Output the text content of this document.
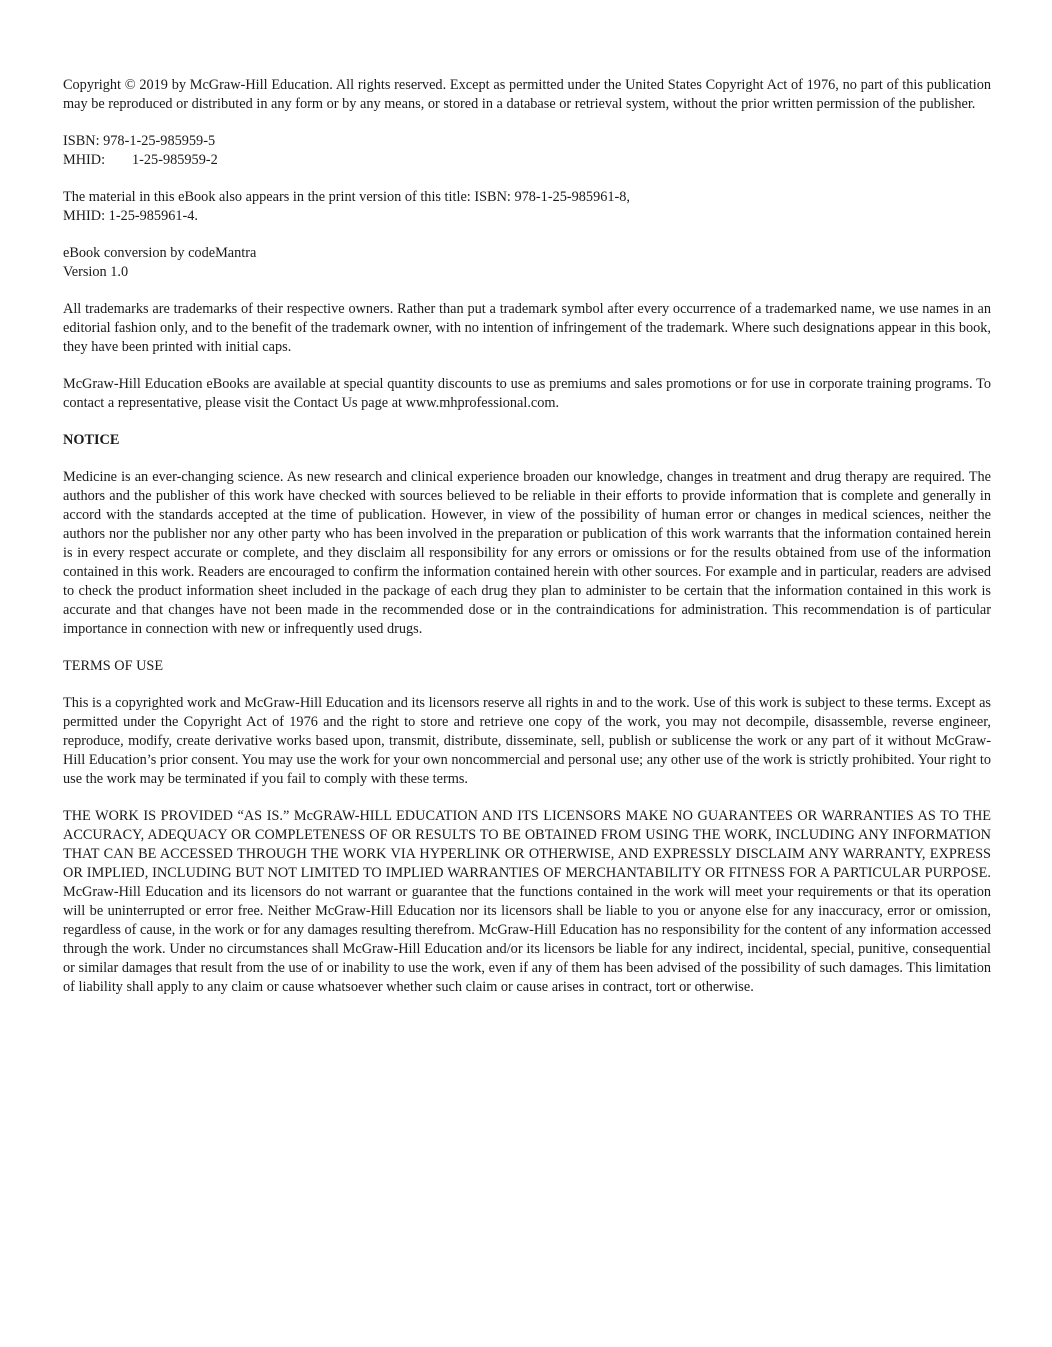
Copyright © 2019 by McGraw-Hill Education. All rights reserved. Except as permitted under the United States Copyright Act of 1976, no part of this publication may be reproduced or distributed in any form or by any means, or stored in a database or retrieval system, without the prior written permission of the publisher.

ISBN: 978-1-25-985959-5
MHID: 1-25-985959-2
The material in this eBook also appears in the print version of this title: ISBN: 978-1-25-985961-8,
MHID: 1-25-985961-4.
eBook conversion by codeMantra
Version 1.0

All trademarks are trademarks of their respective owners. Rather than put a trademark symbol after every occurrence of a trademarked name, we use names in an editorial fashion only, and to the benefit of the trademark owner, with no intention of infringement of the trademark. Where such designations appear in this book, they have been printed with initial caps.

McGraw-Hill Education eBooks are available at special quantity discounts to use as premiums and sales promotions or for use in corporate training programs. To contact a representative, please visit the Contact Us page at www.mhprofessional.com.

NOTICE

Medicine is an ever-changing science. As new research and clinical experience broaden our knowledge, changes in treatment and drug therapy are required. The authors and the publisher of this work have checked with sources believed to be reliable in their efforts to provide information that is complete and generally in accord with the standards accepted at the time of publication. However, in view of the possibility of human error or changes in medical sciences, neither the authors nor the publisher nor any other party who has been involved in the preparation or publication of this work warrants that the information contained herein is in every respect accurate or complete, and they disclaim all responsibility for any errors or omissions or for the results obtained from use of the information contained in this work. Readers are encouraged to confirm the information contained herein with other sources. For example and in particular, readers are advised to check the product information sheet included in the package of each drug they plan to administer to be certain that the information contained in this work is accurate and that changes have not been made in the recommended dose or in the contraindications for administration. This recommendation is of particular importance in connection with new or infrequently used drugs.

TERMS OF USE

This is a copyrighted work and McGraw-Hill Education and its licensors reserve all rights in and to the work. Use of this work is subject to these terms. Except as permitted under the Copyright Act of 1976 and the right to store and retrieve one copy of the work, you may not decompile, disassemble, reverse engineer, reproduce, modify, create derivative works based upon, transmit, distribute, disseminate, sell, publish or sublicense the work or any part of it without McGraw-Hill Education’s prior consent. You may use the work for your own noncommercial and personal use; any other use of the work is strictly prohibited. Your right to use the work may be terminated if you fail to comply with these terms.

THE WORK IS PROVIDED “AS IS.” McGRAW-HILL EDUCATION AND ITS LICENSORS MAKE NO GUARANTEES OR WARRANTIES AS TO THE ACCURACY, ADEQUACY OR COMPLETENESS OF OR RESULTS TO BE OBTAINED FROM USING THE WORK, INCLUDING ANY INFORMATION THAT CAN BE ACCESSED THROUGH THE WORK VIA HYPERLINK OR OTHERWISE, AND EXPRESSLY DISCLAIM ANY WARRANTY, EXPRESS OR IMPLIED, INCLUDING BUT NOT LIMITED TO IMPLIED WARRANTIES OF MERCHANTABILITY OR FITNESS FOR A PARTICULAR PURPOSE. McGraw-Hill Education and its licensors do not warrant or guarantee that the functions contained in the work will meet your requirements or that its operation will be uninterrupted or error free. Neither McGraw-Hill Education nor its licensors shall be liable to you or anyone else for any inaccuracy, error or omission, regardless of cause, in the work or for any damages resulting therefrom. McGraw-Hill Education has no responsibility for the content of any information accessed through the work. Under no circumstances shall McGraw-Hill Education and/or its licensors be liable for any indirect, incidental, special, punitive, consequential or similar damages that result from the use of or inability to use the work, even if any of them has been advised of the possibility of such damages. This limitation of liability shall apply to any claim or cause whatsoever whether such claim or cause arises in contract, tort or otherwise.
